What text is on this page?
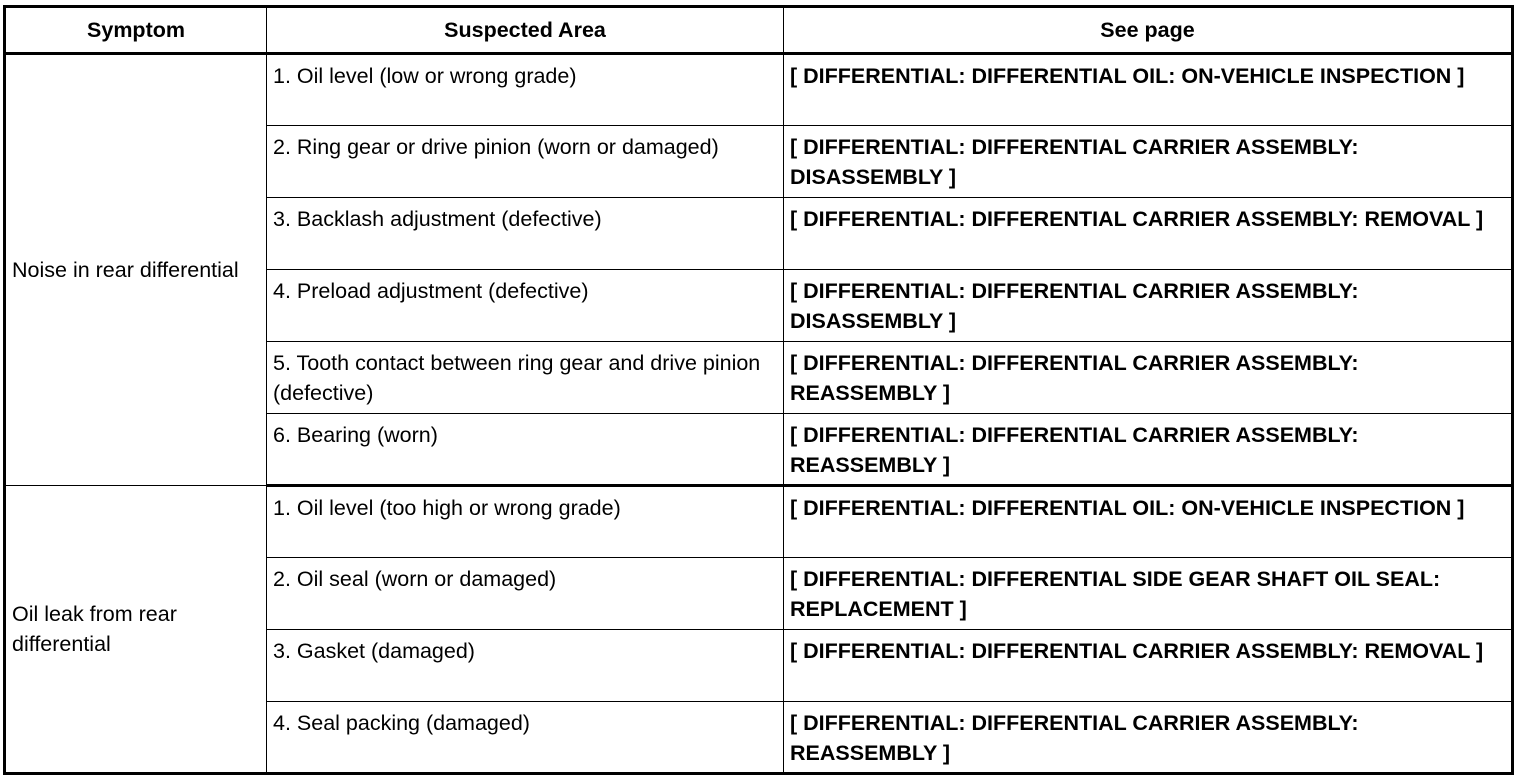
Symptom	Suspected Area	See page
Noise in rear differential	1. Oil level (low or wrong grade)	[ DIFFERENTIAL: DIFFERENTIAL OIL: ON-VEHICLE INSPECTION ]
	2. Ring gear or drive pinion (worn or damaged)	[ DIFFERENTIAL: DIFFERENTIAL CARRIER ASSEMBLY: DISASSEMBLY ]
	3. Backlash adjustment (defective)	[ DIFFERENTIAL: DIFFERENTIAL CARRIER ASSEMBLY: REMOVAL ]
	4. Preload adjustment (defective)	[ DIFFERENTIAL: DIFFERENTIAL CARRIER ASSEMBLY: DISASSEMBLY ]
	5. Tooth contact between ring gear and drive pinion (defective)	[ DIFFERENTIAL: DIFFERENTIAL CARRIER ASSEMBLY: REASSEMBLY ]
	6. Bearing (worn)	[ DIFFERENTIAL: DIFFERENTIAL CARRIER ASSEMBLY: REASSEMBLY ]
Oil leak from rear differential	1. Oil level (too high or wrong grade)	[ DIFFERENTIAL: DIFFERENTIAL OIL: ON-VEHICLE INSPECTION ]
	2. Oil seal (worn or damaged)	[ DIFFERENTIAL: DIFFERENTIAL SIDE GEAR SHAFT OIL SEAL: REPLACEMENT ]
	3. Gasket (damaged)	[ DIFFERENTIAL: DIFFERENTIAL CARRIER ASSEMBLY: REMOVAL ]
	4. Seal packing (damaged)	[ DIFFERENTIAL: DIFFERENTIAL CARRIER ASSEMBLY: REASSEMBLY ]
